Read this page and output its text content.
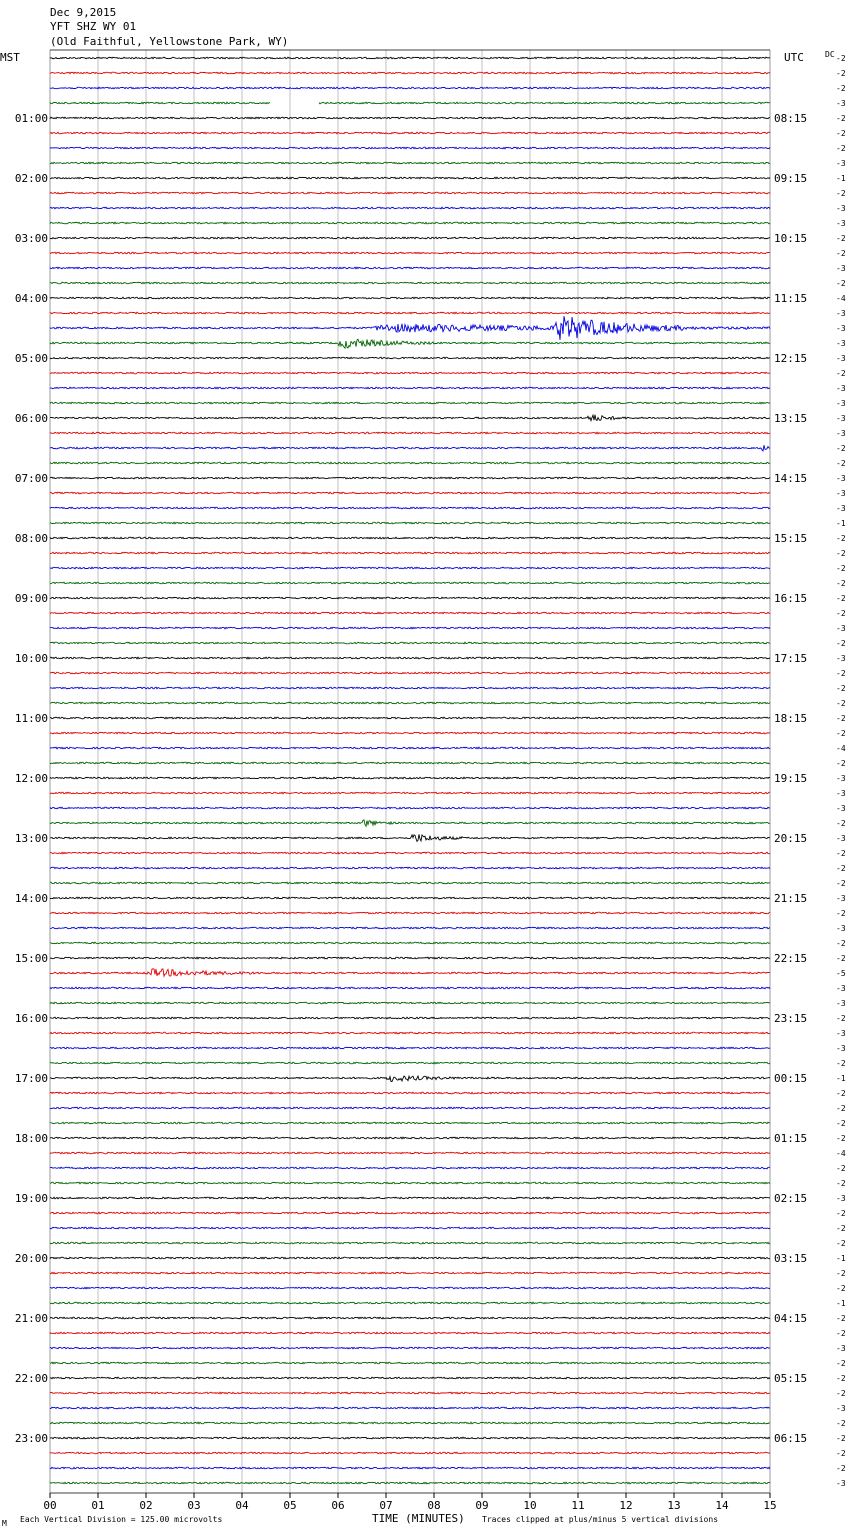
Dec 9,2015
YFT SHZ WY 01
(Old Faithful, Yellowstone Park, WY)
MST	UTC	DC
01:00
02:00
03:00
04:00
05:00
06:00
07:00
08:00
09:00
10:00
11:00
12:00
13:00
14:00
15:00
16:00
17:00
18:00
19:00
20:00
21:00
22:00
23:00
08:15
09:15
10:15
11:15
12:15
13:15
14:15
15:15
16:15
17:15
18:15
19:15
20:15
21:15
22:15
23:15
00:15
01:15
02:15
03:15
04:15
05:15
06:15
-2
-2
-2
-3
-2
-2
-2
-3
-1
-2
-3
-3
-2
-2
-3
-2
-4
-3
-3
-3
-3
-2
-3
-3
-3
-3
-2
-2
-3
-3
-3
-1
-2
-2
-2
-2
-2
-2
-3
-2
-3
-2
-2
-2
-2
-2
-4
-2
-3
-3
-3
-2
-3
-2
-2
-2
-3
-2
-3
-2
-2
-5
-3
-3
-2
-3
-3
-2
-1
-2
-2
-2
-2
-4
-2
-2
-3
-2
-2
-2
-1
-2
-2
-1
-2
-2
-3
-2
-2
-2
-3
-2
-2
-2
-2
-3
00	01	02	03	04	05	06	07	08	09	10	11	12	13	14	15
TIME (MINUTES)
Each Vertical Division = 125.00 microvolts	Traces clipped at plus/minus 5 vertical divisions
M
